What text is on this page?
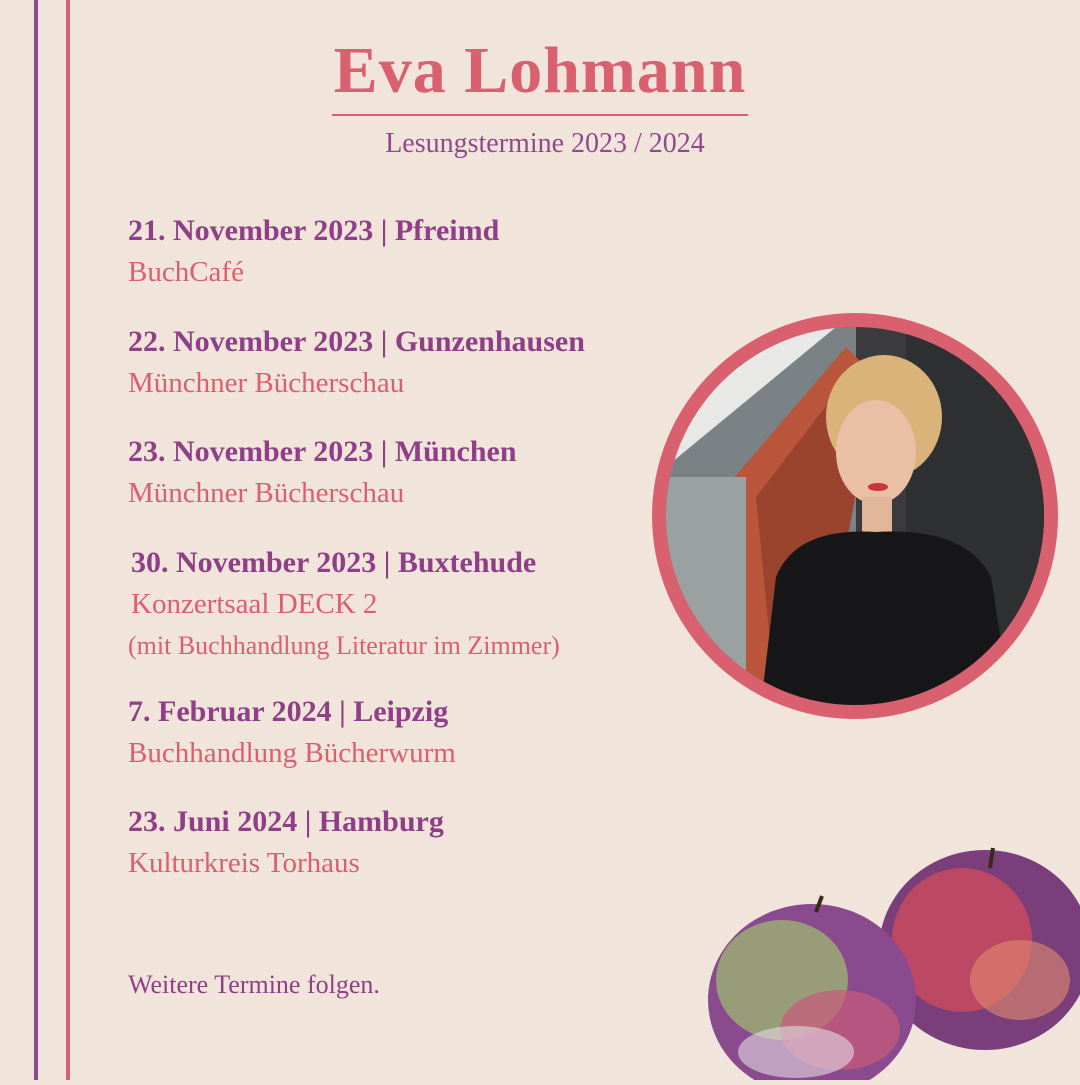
Eva Lohmann
Lesungstermine 2023 / 2024
21. November 2023 | Pfreimd
BuchCafé
22. November 2023 | Gunzenhausen
Münchner Bücherschau
23. November 2023 | München
Münchner Bücherschau
30. November 2023 | Buxtehude
Konzertsaal DECK 2
(mit Buchhandlung Literatur im Zimmer)
7. Februar 2024 | Leipzig
Buchhandlung Bücherwurm
23. Juni 2024 | Hamburg
Kulturkreis Torhaus
Weitere Termine folgen.
